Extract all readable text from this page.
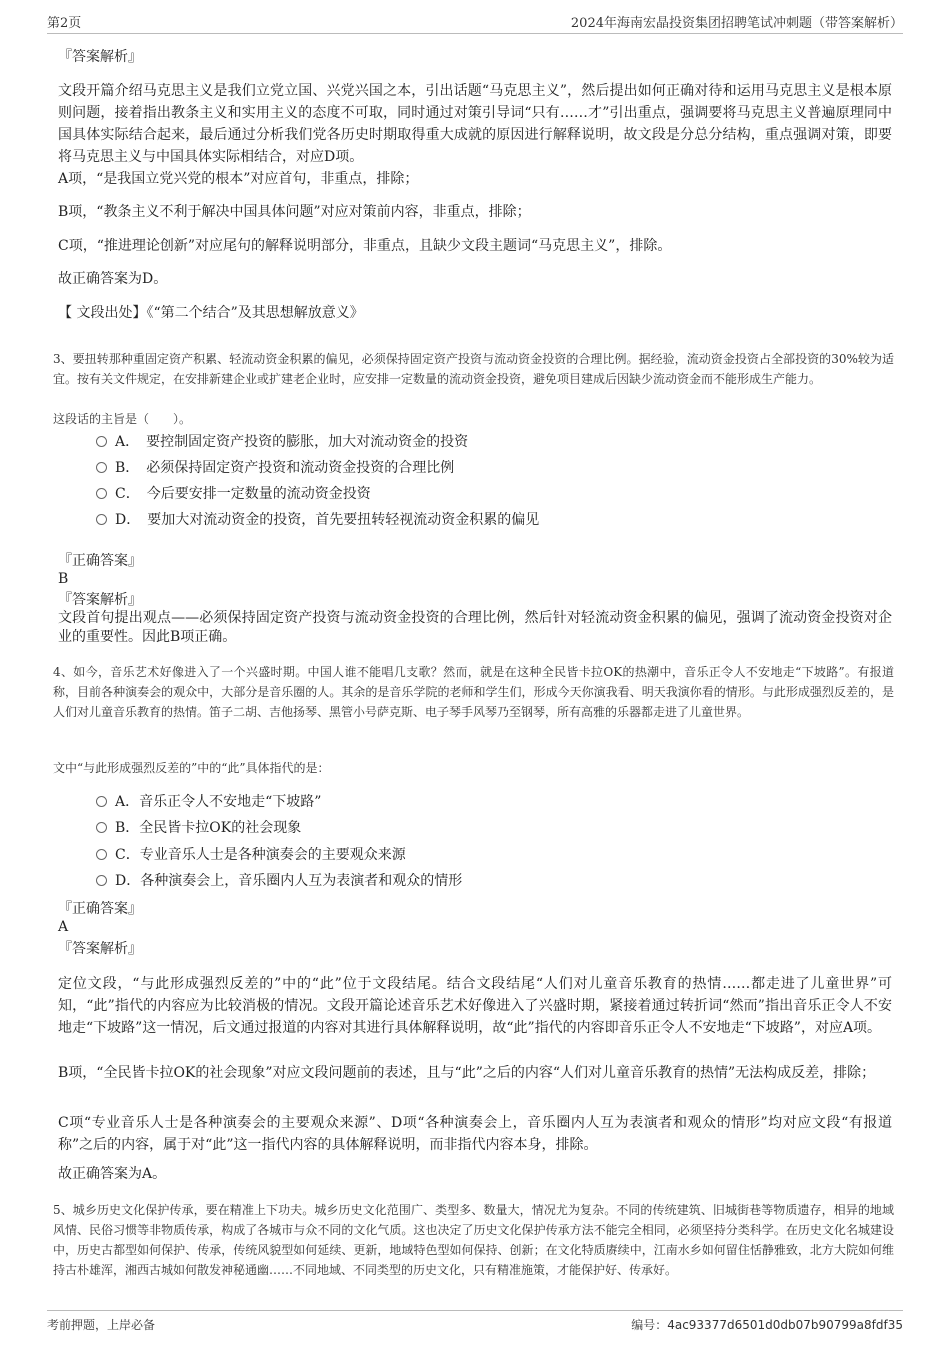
第2页	2024年海南宏晶投资集团招聘笔试冲刺题（带答案解析）

『答案解析』

文段开篇介绍马克思主义是我们立党立国、兴党兴国之本，引出话题“马克思主义”，然后提出如何正确对待和运用马克思主义是根本原则问题，接着指出教条主义和实用主义的态度不可取，同时通过对策引导词“只有……才”引出重点，强调要将马克思主义普遍原理同中国具体实际结合起来，最后通过分析我们党各历史时期取得重大成就的原因进行解释说明，故文段是分总分结构，重点强调对策，即要将马克思主义与中国具体实际相结合，对应D项。

A项，“是我国立党兴党的根本”对应首句，非重点，排除；

B项，“教条主义不利于解决中国具体问题”对应对策前内容，非重点，排除；

C项，“推进理论创新”对应尾句的解释说明部分，非重点，且缺少文段主题词“马克思主义”，排除。

故正确答案为D。

【 文段出处】《“第二个结合”及其思想解放意义》

3、要扭转那种重固定资产积累、轻流动资金积累的偏见，必须保持固定资产投资与流动资金投资的合理比例。据经验，流动资金投资占全部投资的30%较为适宜。按有关文件规定，在安排新建企业或扩建老企业时，应安排一定数量的流动资金投资，避免项目建成后因缺少流动资金而不能形成生产能力。

这段话的主旨是（　　）。

A．　要控制固定资产投资的膨胀，加大对流动资金的投资
B．　必须保持固定资产投资和流动资金投资的合理比例
C．　今后要安排一定数量的流动资金投资
D．　要加大对流动资金的投资，首先要扭转轻视流动资金积累的偏见

『正确答案』

B

『答案解析』

文段首句提出观点——必须保持固定资产投资与流动资金投资的合理比例，然后针对轻流动资金积累的偏见，强调了流动资金投资对企业的重要性。因此B项正确。

4、如今，音乐艺术好像进入了一个兴盛时期。中国人谁不能唱几支歌？然而，就是在这种全民皆卡拉OK的热潮中，音乐正令人不安地走“下坡路”。有报道称，目前各种演奏会的观众中，大部分是音乐圈的人。其余的是音乐学院的老师和学生们，形成今天你演我看、明天我演你看的情形。与此形成强烈反差的，是人们对儿童音乐教育的热情。笛子二胡、吉他扬琴、黑管小号萨克斯、电子琴手风琴乃至钢琴，所有高雅的乐器都走进了儿童世界。

文中“与此形成强烈反差的”中的“此”具体指代的是：

A．音乐正令人不安地走“下坡路”
B．全民皆卡拉OK的社会现象
C．专业音乐人士是各种演奏会的主要观众来源
D．各种演奏会上，音乐圈内人互为表演者和观众的情形

『正确答案』

A

『答案解析』

定位文段，“与此形成强烈反差的”中的“此”位于文段结尾。结合文段结尾“人们对儿童音乐教育的热情……都走进了儿童世界”可知，“此”指代的内容应为比较消极的情况。文段开篇论述音乐艺术好像进入了兴盛时期，紧接着通过转折词“然而”指出音乐正令人不安地走“下坡路”这一情况，后文通过报道的内容对其进行具体解释说明，故“此”指代的内容即音乐正令人不安地走“下坡路”，对应A项。

B项，“全民皆卡拉OK的社会现象”对应文段问题前的表述，且与“此”之后的内容“人们对儿童音乐教育的热情”无法构成反差，排除；

C项“专业音乐人士是各种演奏会的主要观众来源”、D项“各种演奏会上，音乐圈内人互为表演者和观众的情形”均对应文段“有报道称”之后的内容，属于对“此”这一指代内容的具体解释说明，而非指代内容本身，排除。

故正确答案为A。

5、城乡历史文化保护传承，要在精准上下功夫。城乡历史文化范围广、类型多、数量大，情况尤为复杂。不同的传统建筑、旧城街巷等物质遗存，相异的地域风情、民俗习惯等非物质传承，构成了各城市与众不同的文化气质。这也决定了历史文化保护传承方法不能完全相同，必须坚持分类科学。在历史文化名城建设中，历史古都型如何保护、传承，传统风貌型如何延续、更新，地域特色型如何保持、创新；在文化特质赓续中，江南水乡如何留住恬静雅致，北方大院如何维持古朴雄浑，湘西古城如何散发神秘通幽……不同地域、不同类型的历史文化，只有精准施策，才能保护好、传承好。

考前押题，上岸必备	编号：4ac93377d6501d0db07b90799a8fdf35
